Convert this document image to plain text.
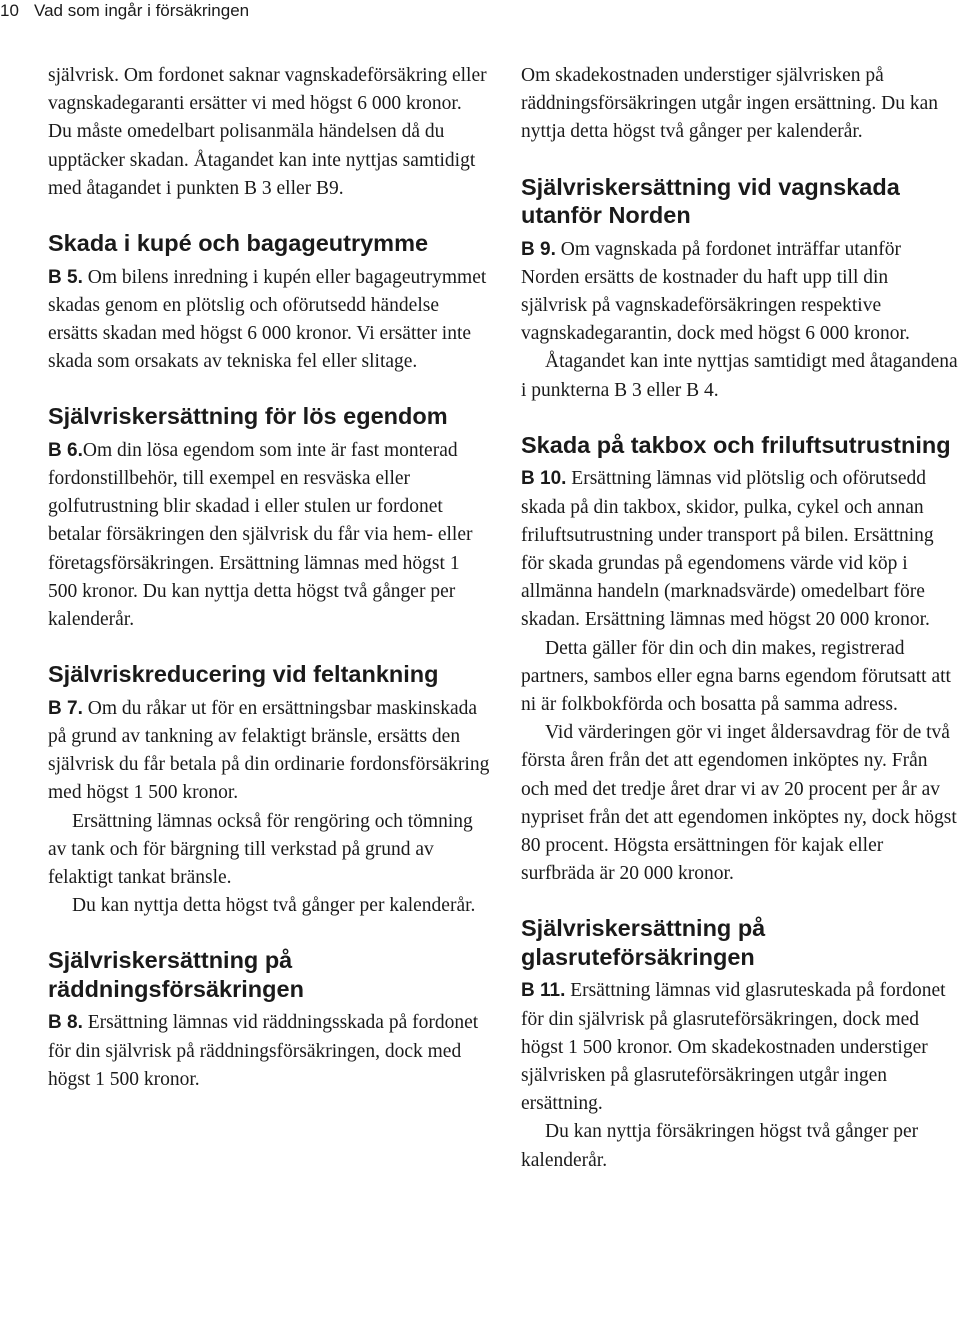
10 Vad som ingår i försäkringen

självrisk. Om fordonet saknar vagnskadeförsäkring eller vagnskadegaranti ersätter vi med högst 6 000 kronor. Du måste omedelbart polisanmäla händelsen då du upptäcker skadan. Åtagandet kan inte nyttjas samtidigt med åtagandet i punkten B 3 eller B9.

Skada i kupé och bagageutrymme

B 5. Om bilens inredning i kupén eller bagageutrymmet skadas genom en plötslig och oförutsedd händelse ersätts skadan med högst 6 000 kronor. Vi ersätter inte skada som orsakats av tekniska fel eller slitage.

Självriskersättning för lös egendom

B 6.Om din lösa egendom som inte är fast monterad fordonstillbehör, till exempel en resväska eller golfutrustning blir skadad i eller stulen ur fordonet betalar försäkringen den självrisk du får via hem- eller företagsförsäkringen. Ersättning lämnas med högst 1 500 kronor. Du kan nyttja detta högst två gånger per kalenderår.

Självriskreducering vid feltankning

B 7. Om du råkar ut för en ersättningsbar maskinskada på grund av tankning av felaktigt bränsle, ersätts den självrisk du får betala på din ordinarie fordonsförsäkring med högst 1 500 kronor.

Ersättning lämnas också för rengöring och tömning av tank och för bärgning till verkstad på grund av felaktigt tankat bränsle.

Du kan nyttja detta högst två gånger per kalenderår.

Självriskersättning på räddningsförsäkringen

B 8. Ersättning lämnas vid räddningsskada på fordonet för din självrisk på räddningsförsäkringen, dock med högst 1 500 kronor.

Om skadekostnaden understiger självrisken på räddningsförsäkringen utgår ingen ersättning. Du kan nyttja detta högst två gånger per kalenderår.

Självriskersättning vid vagnskada utanför Norden

B 9. Om vagnskada på fordonet inträffar utanför Norden ersätts de kostnader du haft upp till din självrisk på vagnskadeförsäkringen respektive vagnskadegarantin, dock med högst 6 000 kronor.

Åtagandet kan inte nyttjas samtidigt med åtagandena i punkterna B 3 eller B 4.

Skada på takbox och friluftsutrustning

B 10. Ersättning lämnas vid plötslig och oförutsedd skada på din takbox, skidor, pulka, cykel och annan friluftsutrustning under transport på bilen. Ersättning för skada grundas på egendomens värde vid köp i allmänna handeln (marknadsvärde) omedelbart före skadan. Ersättning lämnas med högst 20 000 kronor.

Detta gäller för din och din makes, registrerad partners, sambos eller egna barns egendom förutsatt att ni är folkbokförda och bosatta på samma adress.

Vid värderingen gör vi inget åldersavdrag för de två första åren från det att egendomen inköptes ny. Från och med det tredje året drar vi av 20 procent per år av nypriset från det att egendomen inköptes ny, dock högst 80 procent. Högsta ersättningen för kajak eller surfbräda är 20 000 kronor.

Självriskersättning på glasruteförsäkringen

B 11. Ersättning lämnas vid glasruteskada på fordonet för din självrisk på glasruteförsäkringen, dock med högst 1 500 kronor. Om skadekostnaden understiger självrisken på glasruteförsäkringen utgår ingen ersättning.

Du kan nyttja försäkringen högst två gånger per kalenderår.
